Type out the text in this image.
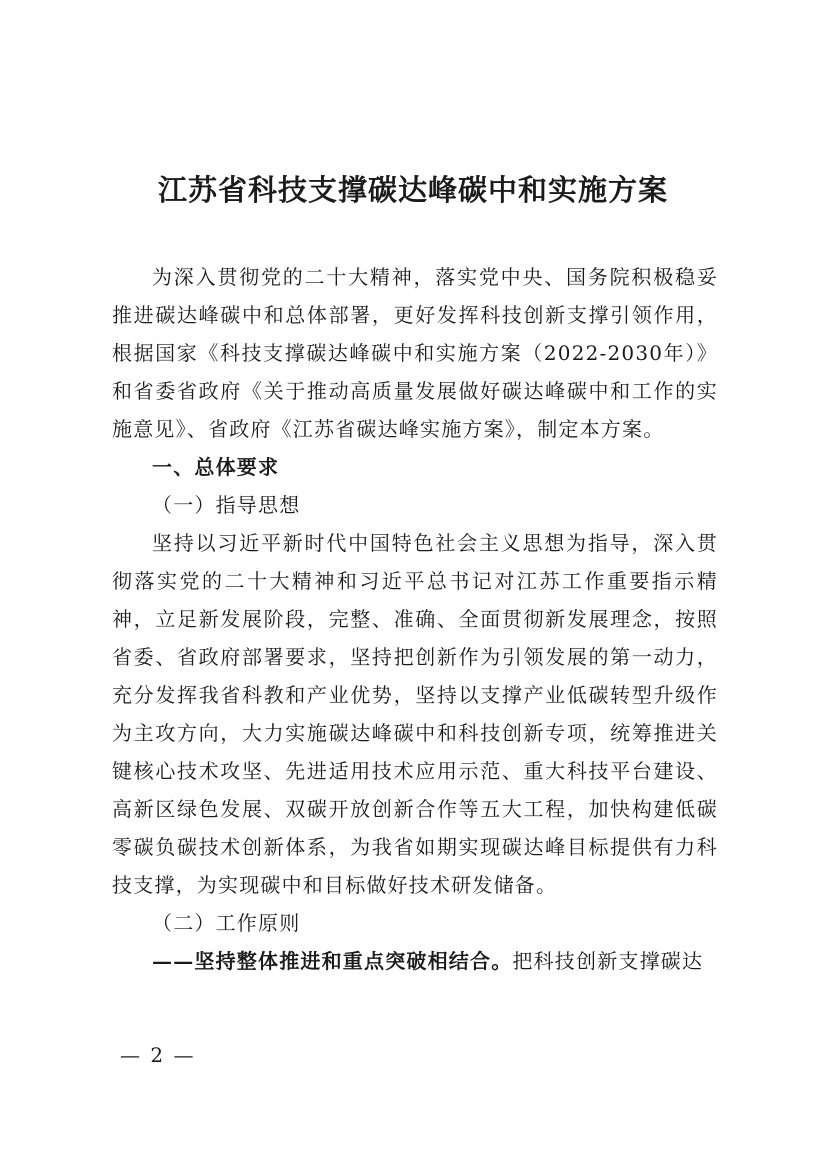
江苏省科技支撑碳达峰碳中和实施方案

为深入贯彻党的二十大精神，落实党中央、国务院积极稳妥推进碳达峰碳中和总体部署，更好发挥科技创新支撑引领作用，根据国家《科技支撑碳达峰碳中和实施方案（2022-2030年）》和省委省政府《关于推动高质量发展做好碳达峰碳中和工作的实施意见》、省政府《江苏省碳达峰实施方案》，制定本方案。

一、总体要求

（一）指导思想

坚持以习近平新时代中国特色社会主义思想为指导，深入贯彻落实党的二十大精神和习近平总书记对江苏工作重要指示精神，立足新发展阶段，完整、准确、全面贯彻新发展理念，按照省委、省政府部署要求，坚持把创新作为引领发展的第一动力，充分发挥我省科教和产业优势，坚持以支撑产业低碳转型升级作为主攻方向，大力实施碳达峰碳中和科技创新专项，统筹推进关键核心技术攻坚、先进适用技术应用示范、重大科技平台建设、高新区绿色发展、双碳开放创新合作等五大工程，加快构建低碳零碳负碳技术创新体系，为我省如期实现碳达峰目标提供有力科技支撑，为实现碳中和目标做好技术研发储备。

（二）工作原则

——坚持整体推进和重点突破相结合。把科技创新支撑碳达

— 2 —
